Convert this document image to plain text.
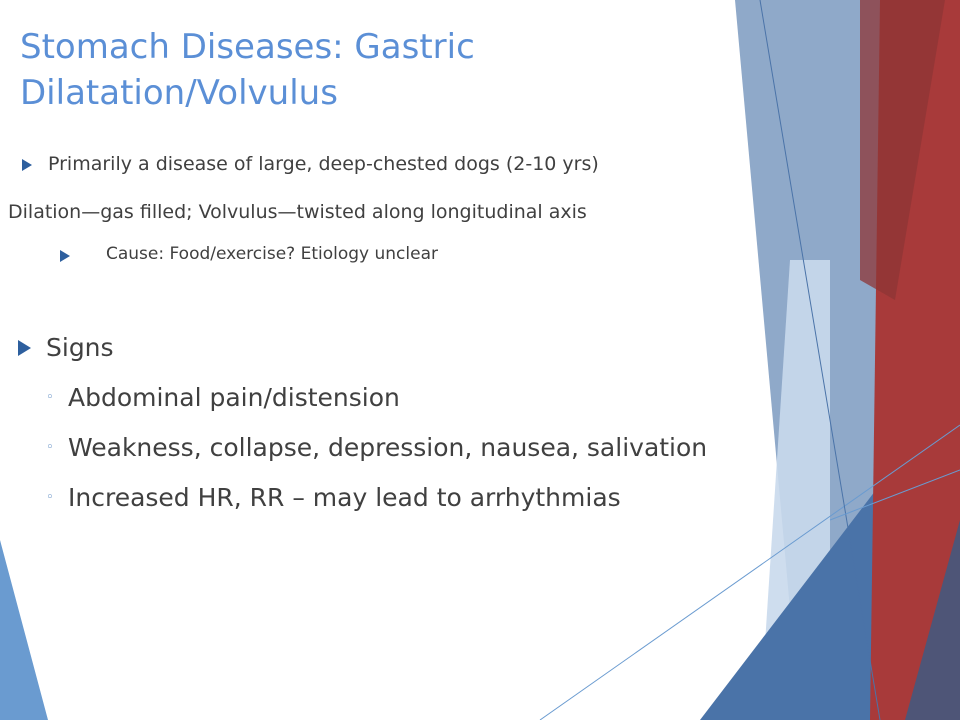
Stomach Diseases: Gastric Dilatation/Volvulus
Primarily a disease of large, deep-chested dogs (2-10 yrs)
Dilation—gas filled; Volvulus—twisted along longitudinal axis
Cause: Food/exercise? Etiology unclear
Signs
◦ Abdominal pain/distension
◦ Weakness, collapse, depression, nausea, salivation
◦ Increased HR, RR – may lead to arrhythmias
